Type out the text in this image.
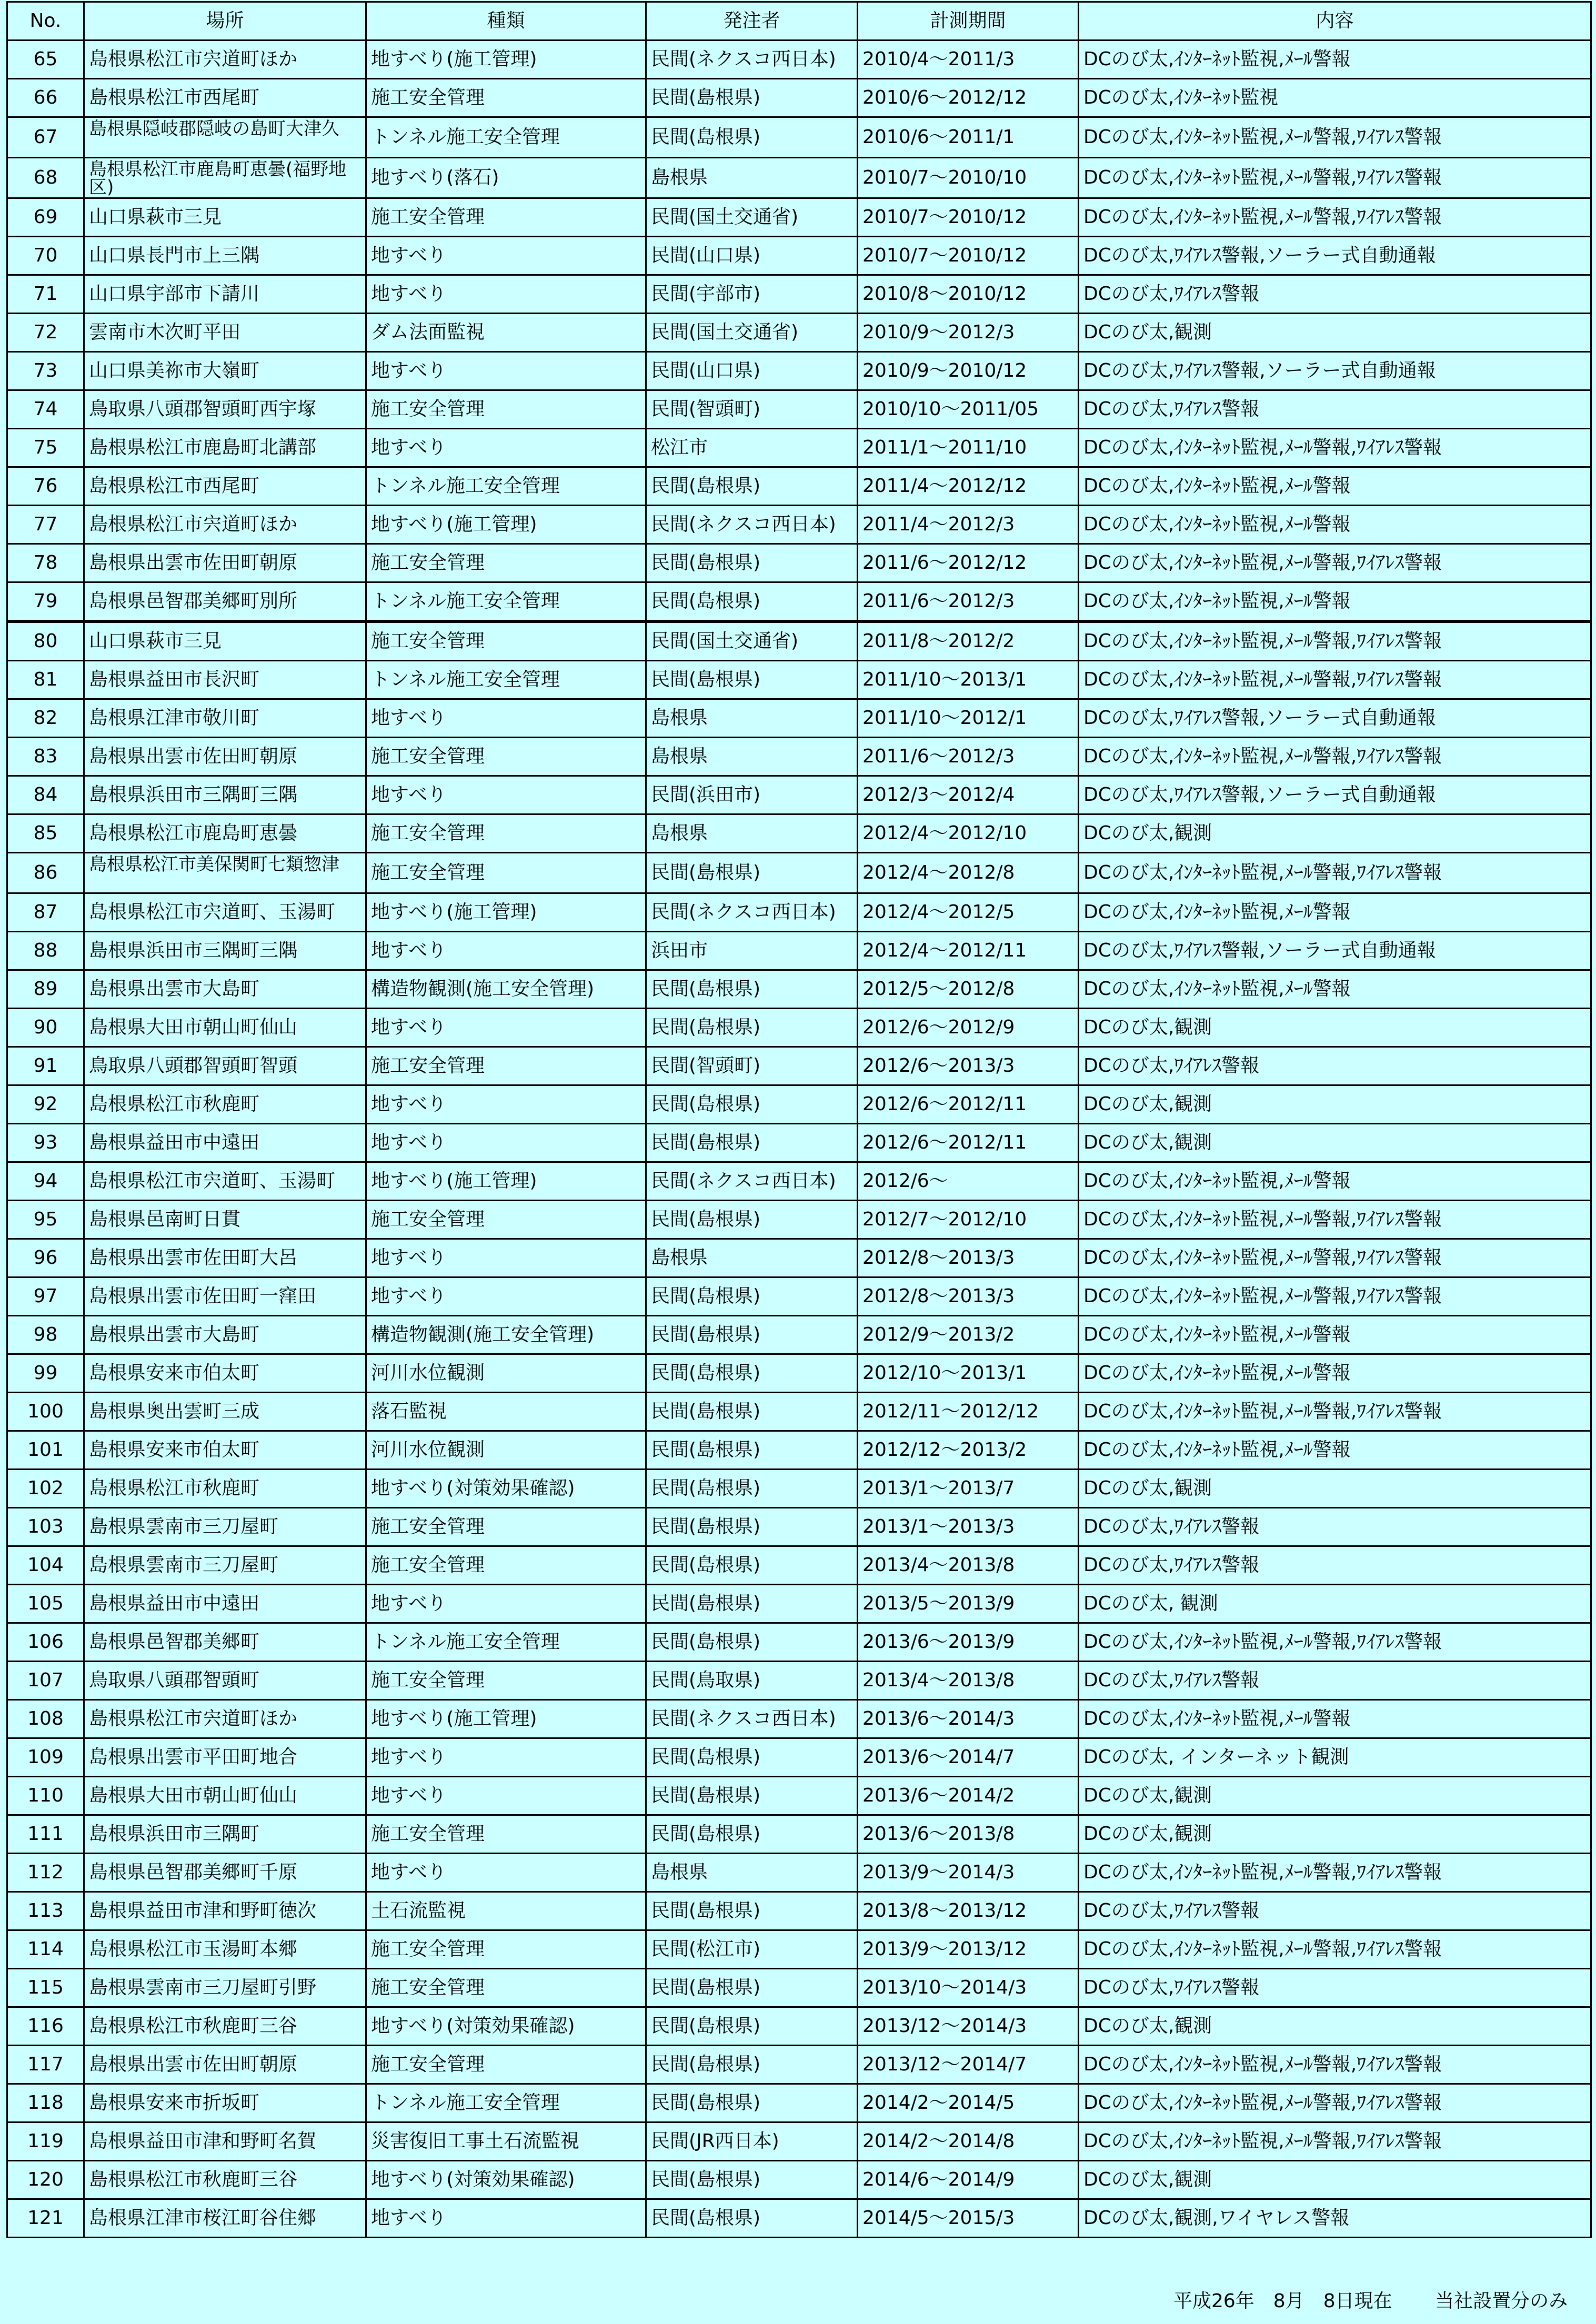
No.	場所	種類	発注者	計測期間	内容
65	島根県松江市宍道町ほか	地すべり(施工管理)	民間(ネクスコ西日本)	2010/4～2011/3	DCのび太,ｲﾝﾀｰﾈｯﾄ監視,ﾒｰﾙ警報
66	島根県松江市西尾町	施工安全管理	民間(島根県)	2010/6～2012/12	DCのび太,ｲﾝﾀｰﾈｯﾄ監視
67	島根県隠岐郡隠岐の島町大津久	トンネル施工安全管理	民間(島根県)	2010/6～2011/1	DCのび太,ｲﾝﾀｰﾈｯﾄ監視,ﾒｰﾙ警報,ﾜｲｱﾚｽ警報
68	島根県松江市鹿島町恵曇(福野地区)	地すべり(落石)	島根県	2010/7～2010/10	DCのび太,ｲﾝﾀｰﾈｯﾄ監視,ﾒｰﾙ警報,ﾜｲｱﾚｽ警報
69	山口県萩市三見	施工安全管理	民間(国土交通省)	2010/7～2010/12	DCのび太,ｲﾝﾀｰﾈｯﾄ監視,ﾒｰﾙ警報,ﾜｲｱﾚｽ警報
70	山口県長門市上三隅	地すべり	民間(山口県)	2010/7～2010/12	DCのび太,ﾜｲｱﾚｽ警報,ソーラー式自動通報
71	山口県宇部市下請川	地すべり	民間(宇部市)	2010/8～2010/12	DCのび太,ﾜｲｱﾚｽ警報
72	雲南市木次町平田	ダム法面監視	民間(国土交通省)	2010/9～2012/3	DCのび太,観測
73	山口県美祢市大嶺町	地すべり	民間(山口県)	2010/9～2010/12	DCのび太,ﾜｲｱﾚｽ警報,ソーラー式自動通報
74	鳥取県八頭郡智頭町西宇塚	施工安全管理	民間(智頭町)	2010/10～2011/05	DCのび太,ﾜｲｱﾚｽ警報
75	島根県松江市鹿島町北講部	地すべり	松江市	2011/1～2011/10	DCのび太,ｲﾝﾀｰﾈｯﾄ監視,ﾒｰﾙ警報,ﾜｲｱﾚｽ警報
76	島根県松江市西尾町	トンネル施工安全管理	民間(島根県)	2011/4～2012/12	DCのび太,ｲﾝﾀｰﾈｯﾄ監視,ﾒｰﾙ警報
77	島根県松江市宍道町ほか	地すべり(施工管理)	民間(ネクスコ西日本)	2011/4～2012/3	DCのび太,ｲﾝﾀｰﾈｯﾄ監視,ﾒｰﾙ警報
78	島根県出雲市佐田町朝原	施工安全管理	民間(島根県)	2011/6～2012/12	DCのび太,ｲﾝﾀｰﾈｯﾄ監視,ﾒｰﾙ警報,ﾜｲｱﾚｽ警報
79	島根県邑智郡美郷町別所	トンネル施工安全管理	民間(島根県)	2011/6～2012/3	DCのび太,ｲﾝﾀｰﾈｯﾄ監視,ﾒｰﾙ警報
80	山口県萩市三見	施工安全管理	民間(国土交通省)	2011/8～2012/2	DCのび太,ｲﾝﾀｰﾈｯﾄ監視,ﾒｰﾙ警報,ﾜｲｱﾚｽ警報
81	島根県益田市長沢町	トンネル施工安全管理	民間(島根県)	2011/10～2013/1	DCのび太,ｲﾝﾀｰﾈｯﾄ監視,ﾒｰﾙ警報,ﾜｲｱﾚｽ警報
82	島根県江津市敬川町	地すべり	島根県	2011/10～2012/1	DCのび太,ﾜｲｱﾚｽ警報,ソーラー式自動通報
83	島根県出雲市佐田町朝原	施工安全管理	島根県	2011/6～2012/3	DCのび太,ｲﾝﾀｰﾈｯﾄ監視,ﾒｰﾙ警報,ﾜｲｱﾚｽ警報
84	島根県浜田市三隅町三隅	地すべり	民間(浜田市)	2012/3～2012/4	DCのび太,ﾜｲｱﾚｽ警報,ソーラー式自動通報
85	島根県松江市鹿島町恵曇	施工安全管理	島根県	2012/4～2012/10	DCのび太,観測
86	島根県松江市美保関町七類惣津	施工安全管理	民間(島根県)	2012/4～2012/8	DCのび太,ｲﾝﾀｰﾈｯﾄ監視,ﾒｰﾙ警報,ﾜｲｱﾚｽ警報
87	島根県松江市宍道町、玉湯町	地すべり(施工管理)	民間(ネクスコ西日本)	2012/4～2012/5	DCのび太,ｲﾝﾀｰﾈｯﾄ監視,ﾒｰﾙ警報
88	島根県浜田市三隅町三隅	地すべり	浜田市	2012/4～2012/11	DCのび太,ﾜｲｱﾚｽ警報,ソーラー式自動通報
89	島根県出雲市大島町	構造物観測(施工安全管理)	民間(島根県)	2012/5～2012/8	DCのび太,ｲﾝﾀｰﾈｯﾄ監視,ﾒｰﾙ警報
90	島根県大田市朝山町仙山	地すべり	民間(島根県)	2012/6～2012/9	DCのび太,観測
91	鳥取県八頭郡智頭町智頭	施工安全管理	民間(智頭町)	2012/6～2013/3	DCのび太,ﾜｲｱﾚｽ警報
92	島根県松江市秋鹿町	地すべり	民間(島根県)	2012/6～2012/11	DCのび太,観測
93	島根県益田市中遠田	地すべり	民間(島根県)	2012/6～2012/11	DCのび太,観測
94	島根県松江市宍道町、玉湯町	地すべり(施工管理)	民間(ネクスコ西日本)	2012/6～	DCのび太,ｲﾝﾀｰﾈｯﾄ監視,ﾒｰﾙ警報
95	島根県邑南町日貫	施工安全管理	民間(島根県)	2012/7～2012/10	DCのび太,ｲﾝﾀｰﾈｯﾄ監視,ﾒｰﾙ警報,ﾜｲｱﾚｽ警報
96	島根県出雲市佐田町大呂	地すべり	島根県	2012/8～2013/3	DCのび太,ｲﾝﾀｰﾈｯﾄ監視,ﾒｰﾙ警報,ﾜｲｱﾚｽ警報
97	島根県出雲市佐田町一窪田	地すべり	民間(島根県)	2012/8～2013/3	DCのび太,ｲﾝﾀｰﾈｯﾄ監視,ﾒｰﾙ警報,ﾜｲｱﾚｽ警報
98	島根県出雲市大島町	構造物観測(施工安全管理)	民間(島根県)	2012/9～2013/2	DCのび太,ｲﾝﾀｰﾈｯﾄ監視,ﾒｰﾙ警報
99	島根県安来市伯太町	河川水位観測	民間(島根県)	2012/10～2013/1	DCのび太,ｲﾝﾀｰﾈｯﾄ監視,ﾒｰﾙ警報
100	島根県奥出雲町三成	落石監視	民間(島根県)	2012/11～2012/12	DCのび太,ｲﾝﾀｰﾈｯﾄ監視,ﾒｰﾙ警報,ﾜｲｱﾚｽ警報
101	島根県安来市伯太町	河川水位観測	民間(島根県)	2012/12～2013/2	DCのび太,ｲﾝﾀｰﾈｯﾄ監視,ﾒｰﾙ警報
102	島根県松江市秋鹿町	地すべり(対策効果確認)	民間(島根県)	2013/1～2013/7	DCのび太,観測
103	島根県雲南市三刀屋町	施工安全管理	民間(島根県)	2013/1～2013/3	DCのび太,ﾜｲｱﾚｽ警報
104	島根県雲南市三刀屋町	施工安全管理	民間(島根県)	2013/4～2013/8	DCのび太,ﾜｲｱﾚｽ警報
105	島根県益田市中遠田	地すべり	民間(島根県)	2013/5～2013/9	DCのび太, 観測
106	島根県邑智郡美郷町	トンネル施工安全管理	民間(島根県)	2013/6～2013/9	DCのび太,ｲﾝﾀｰﾈｯﾄ監視,ﾒｰﾙ警報,ﾜｲｱﾚｽ警報
107	鳥取県八頭郡智頭町	施工安全管理	民間(鳥取県)	2013/4～2013/8	DCのび太,ﾜｲｱﾚｽ警報
108	島根県松江市宍道町ほか	地すべり(施工管理)	民間(ネクスコ西日本)	2013/6～2014/3	DCのび太,ｲﾝﾀｰﾈｯﾄ監視,ﾒｰﾙ警報
109	島根県出雲市平田町地合	地すべり	民間(島根県)	2013/6～2014/7	DCのび太, インターネット観測
110	島根県大田市朝山町仙山	地すべり	民間(島根県)	2013/6～2014/2	DCのび太,観測
111	島根県浜田市三隅町	施工安全管理	民間(島根県)	2013/6～2013/8	DCのび太,観測
112	島根県邑智郡美郷町千原	地すべり	島根県	2013/9～2014/3	DCのび太,ｲﾝﾀｰﾈｯﾄ監視,ﾒｰﾙ警報,ﾜｲｱﾚｽ警報
113	島根県益田市津和野町徳次	土石流監視	民間(島根県)	2013/8～2013/12	DCのび太,ﾜｲｱﾚｽ警報
114	島根県松江市玉湯町本郷	施工安全管理	民間(松江市)	2013/9～2013/12	DCのび太,ｲﾝﾀｰﾈｯﾄ監視,ﾒｰﾙ警報,ﾜｲｱﾚｽ警報
115	島根県雲南市三刀屋町引野	施工安全管理	民間(島根県)	2013/10～2014/3	DCのび太,ﾜｲｱﾚｽ警報
116	島根県松江市秋鹿町三谷	地すべり(対策効果確認)	民間(島根県)	2013/12～2014/3	DCのび太,観測
117	島根県出雲市佐田町朝原	施工安全管理	民間(島根県)	2013/12～2014/7	DCのび太,ｲﾝﾀｰﾈｯﾄ監視,ﾒｰﾙ警報,ﾜｲｱﾚｽ警報
118	島根県安来市折坂町	トンネル施工安全管理	民間(島根県)	2014/2～2014/5	DCのび太,ｲﾝﾀｰﾈｯﾄ監視,ﾒｰﾙ警報,ﾜｲｱﾚｽ警報
119	島根県益田市津和野町名賀	災害復旧工事土石流監視	民間(JR西日本)	2014/2～2014/8	DCのび太,ｲﾝﾀｰﾈｯﾄ監視,ﾒｰﾙ警報,ﾜｲｱﾚｽ警報
120	島根県松江市秋鹿町三谷	地すべり(対策効果確認)	民間(島根県)	2014/6～2014/9	DCのび太,観測
121	島根県江津市桜江町谷住郷	地すべり	民間(島根県)	2014/5～2015/3	DCのび太,観測,ワイヤレス警報
平成26年　8月　8日現在 当社設置分のみ
